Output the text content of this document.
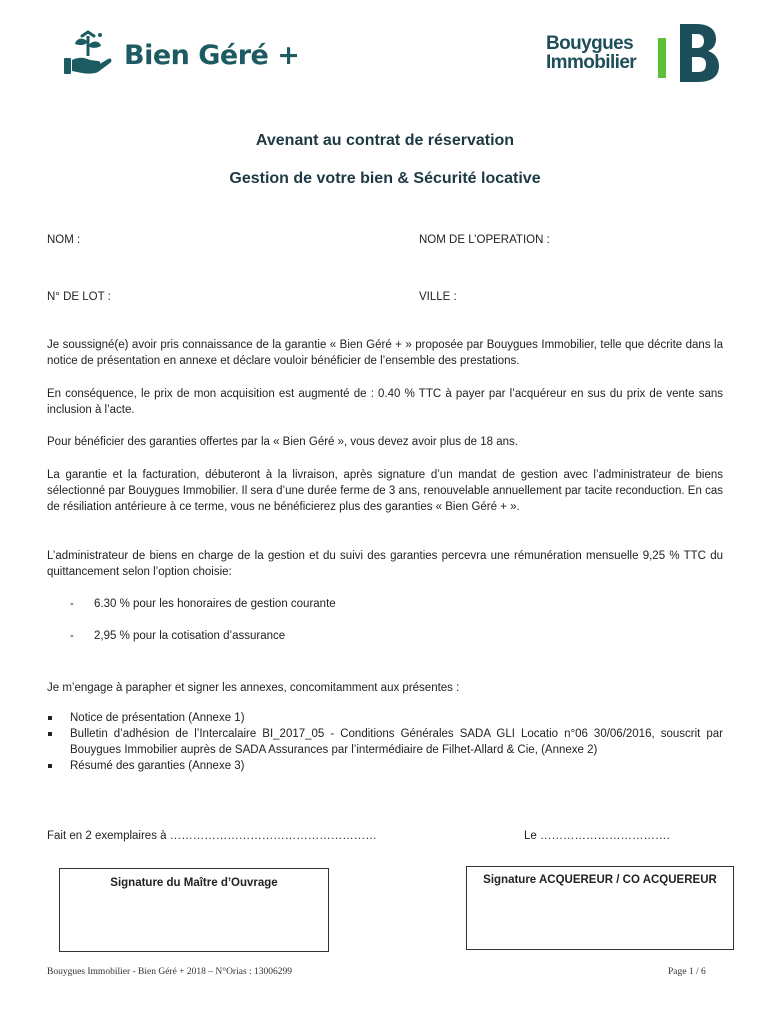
Bien Géré +	Bouygues
Immobilier
Avenant au contrat de réservation
Gestion de votre bien & Sécurité locative
NOM :	NOM DE L’OPERATION :
N° DE LOT :	VILLE :
Je soussigné(e) avoir pris connaissance de la garantie « Bien Géré + » proposée par Bouygues Immobilier, telle que décrite dans la notice de présentation en annexe et déclare vouloir bénéficier de l’ensemble des prestations.
En conséquence, le prix de mon acquisition est augmenté de : 0.40 % TTC à payer par l’acquéreur en sus du prix de vente sans inclusion à l’acte.
Pour bénéficier des garanties offertes par la « Bien Géré », vous devez avoir plus de 18 ans.
La garantie et la facturation, débuteront à la livraison, après signature d’un mandat de gestion avec l’administrateur de biens sélectionné par Bouygues Immobilier. Il sera d’une durée ferme de 3 ans, renouvelable annuellement par tacite reconduction. En cas de résiliation antérieure à ce terme, vous ne bénéficierez plus des garanties « Bien Géré + ».
L’administrateur de biens en charge de la gestion et du suivi des garanties percevra une rémunération mensuelle 9,25 % TTC du quittancement selon l’option choisie:
- 6.30 % pour les honoraires de gestion courante
- 2,95 % pour la cotisation d’assurance
Je m’engage à parapher et signer les annexes, concomitamment aux présentes :
Notice de présentation (Annexe 1)
Bulletin d’adhésion de l’Intercalaire BI_2017_05 - Conditions Générales SADA GLI Locatio n°06 30/06/2016, souscrit par Bouygues Immobilier auprès de SADA Assurances par l’intermédiaire de Filhet-Allard & Cie, (Annexe 2)
Résumé des garanties (Annexe 3)
Fait en 2 exemplaires à ………………………………………………	Le …………………………….
Signature du Maître d’Ouvrage	Signature ACQUEREUR / CO ACQUEREUR
Bouygues Immobilier - Bien Géré + 2018 – N°Orias : 13006299	Page 1 / 6
